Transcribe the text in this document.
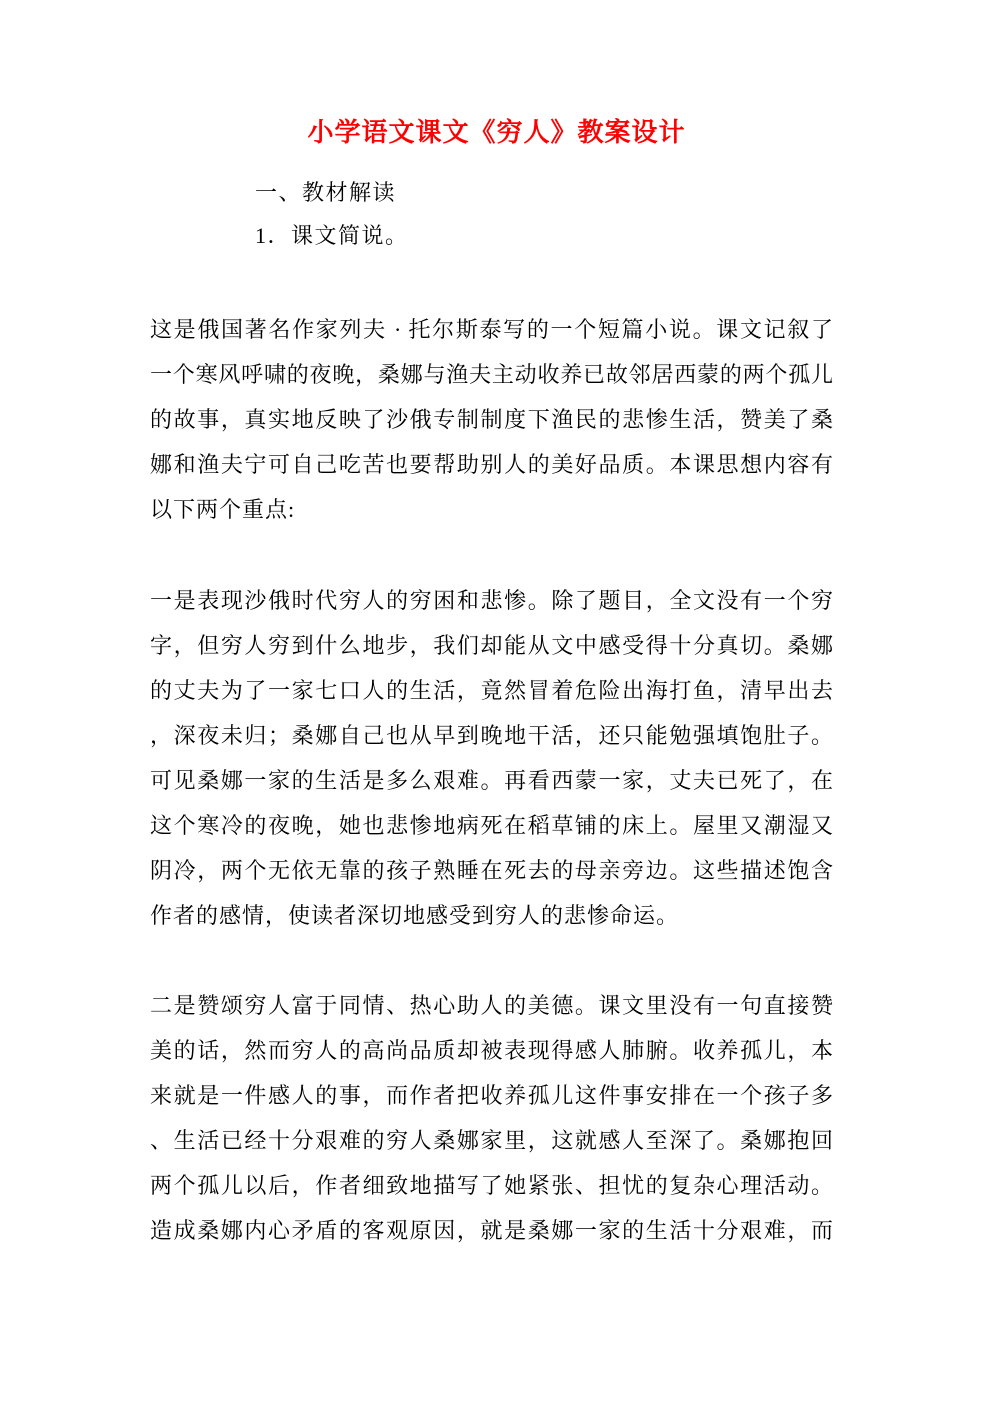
小学语文课文《穷人》教案设计
一、教材解读
1．课文简说。
这是俄国著名作家列夫 · 托尔斯泰写的一个短篇小说。课文记叙了
一个寒风呼啸的夜晚，桑娜与渔夫主动收养已故邻居西蒙的两个孤儿
的故事，真实地反映了沙俄专制制度下渔民的悲惨生活，赞美了桑
娜和渔夫宁可自己吃苦也要帮助别人的美好品质。本课思想内容有
以下两个重点:
一是表现沙俄时代穷人的穷困和悲惨。除了题目，全文没有一个穷
字，但穷人穷到什么地步，我们却能从文中感受得十分真切。桑娜
的丈夫为了一家七口人的生活，竟然冒着危险出海打鱼，清早出去
，深夜未归；桑娜自己也从早到晚地干活，还只能勉强填饱肚子。
可见桑娜一家的生活是多么艰难。再看西蒙一家，丈夫已死了，在
这个寒冷的夜晚，她也悲惨地病死在稻草铺的床上。屋里又潮湿又
阴冷，两个无依无靠的孩子熟睡在死去的母亲旁边。这些描述饱含
作者的感情，使读者深切地感受到穷人的悲惨命运。
二是赞颂穷人富于同情、热心助人的美德。课文里没有一句直接赞
美的话，然而穷人的高尚品质却被表现得感人肺腑。收养孤儿，本
来就是一件感人的事，而作者把收养孤儿这件事安排在一个孩子多
、生活已经十分艰难的穷人桑娜家里，这就感人至深了。桑娜抱回
两个孤儿以后，作者细致地描写了她紧张、担忧的复杂心理活动。
造成桑娜内心矛盾的客观原因，就是桑娜一家的生活十分艰难，而
